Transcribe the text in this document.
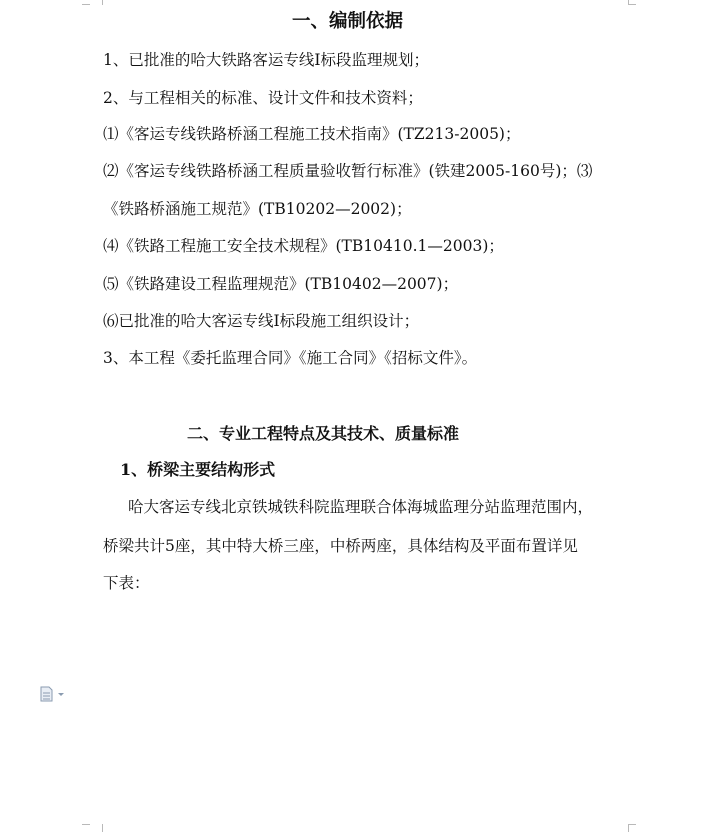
一、编制依据
1、已批准的哈大铁路客运专线Ⅰ标段监理规划；
2、与工程相关的标准、设计文件和技术资料；
⑴《客运专线铁路桥涵工程施工技术指南》(TZ213-2005)；
⑵《客运专线铁路桥涵工程质量验收暂行标准》(铁建2005-160号)；⑶
《铁路桥涵施工规范》(TB10202—2002)；
⑷《铁路工程施工安全技术规程》(TB10410.1—2003)；
⑸《铁路建设工程监理规范》(TB10402—2007)；
⑹已批准的哈大客运专线Ⅰ标段施工组织设计；
3、本工程《委托监理合同》《施工合同》《招标文件》。
二、专业工程特点及其技术、质量标准
1、桥梁主要结构形式
哈大客运专线北京铁城铁科院监理联合体海城监理分站监理范围内，
桥梁共计5座，其中特大桥三座，中桥两座，具体结构及平面布置详见
下表：
